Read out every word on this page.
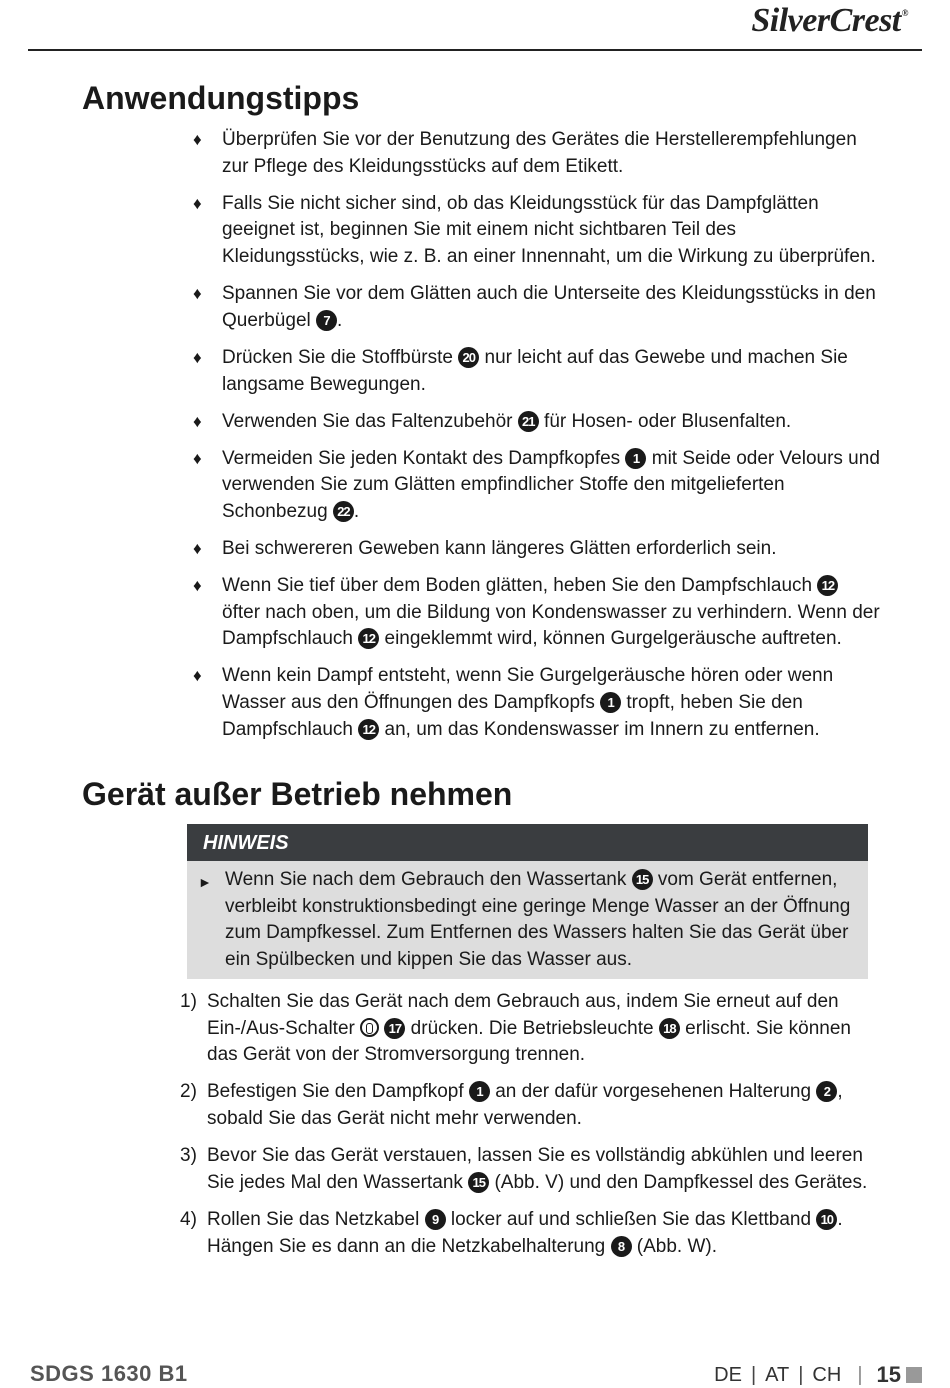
SilverCrest®
Anwendungstipps
♦ Überprüfen Sie vor der Benutzung des Gerätes die Herstellerempfehlungen zur Pflege des Kleidungsstücks auf dem Etikett.
♦ Falls Sie nicht sicher sind, ob das Kleidungsstück für das Dampfglätten geeignet ist, beginnen Sie mit einem nicht sichtbaren Teil des Kleidungsstücks, wie z. B. an einer Innennaht, um die Wirkung zu überprüfen.
♦ Spannen Sie vor dem Glätten auch die Unterseite des Kleidungsstücks in den Querbügel 7 .
♦ Drücken Sie die Stoffbürste 20 nur leicht auf das Gewebe und machen Sie langsame Bewegungen.
♦ Verwenden Sie das Faltenzubehör 21 für Hosen- oder Blusenfalten.
♦ Vermeiden Sie jeden Kontakt des Dampfkopfes 1 mit Seide oder Velours und verwenden Sie zum Glätten empfindlicher Stoffe den mitgelieferten Schonbezug 22 .
♦ Bei schwereren Geweben kann längeres Glätten erforderlich sein.
♦ Wenn Sie tief über dem Boden glätten, heben Sie den Dampfschlauch 12 öfter nach oben, um die Bildung von Kondenswasser zu verhindern. Wenn der Dampfschlauch 12 eingeklemmt wird, können Gurgelgeräusche auftreten.
♦ Wenn kein Dampf entsteht, wenn Sie Gurgelgeräusche hören oder wenn Wasser aus den Öffnungen des Dampfkopfs 1 tropft, heben Sie den Dampfschlauch 12 an, um das Kondenswasser im Innern zu entfernen.
Gerät außer Betrieb nehmen
HINWEIS
► Wenn Sie nach dem Gebrauch den Wassertank 15 vom Gerät entfernen, verbleibt konstruktionsbedingt eine geringe Menge Wasser an der Öffnung zum Dampfkessel. Zum Entfernen des Wassers halten Sie das Gerät über ein Spülbecken und kippen Sie das Wasser aus.
1) Schalten Sie das Gerät nach dem Gebrauch aus, indem Sie erneut auf den Ein-/Aus-Schalter  17 drücken. Die Betriebsleuchte 18 erlischt. Sie können das Gerät von der Stromversorgung trennen.
2) Befestigen Sie den Dampfkopf 1 an der dafür vorgesehenen Halterung 2 , sobald Sie das Gerät nicht mehr verwenden.
3) Bevor Sie das Gerät verstauen, lassen Sie es vollständig abkühlen und leeren Sie jedes Mal den Wassertank 15 (Abb. V) und den Dampfkessel des Gerätes.
4) Rollen Sie das Netzkabel 9 locker auf und schließen Sie das Klettband 10 . Hängen Sie es dann an die Netzkabelhalterung 8 (Abb. W).
SDGS 1630 B1	DE | AT | CH | 15
